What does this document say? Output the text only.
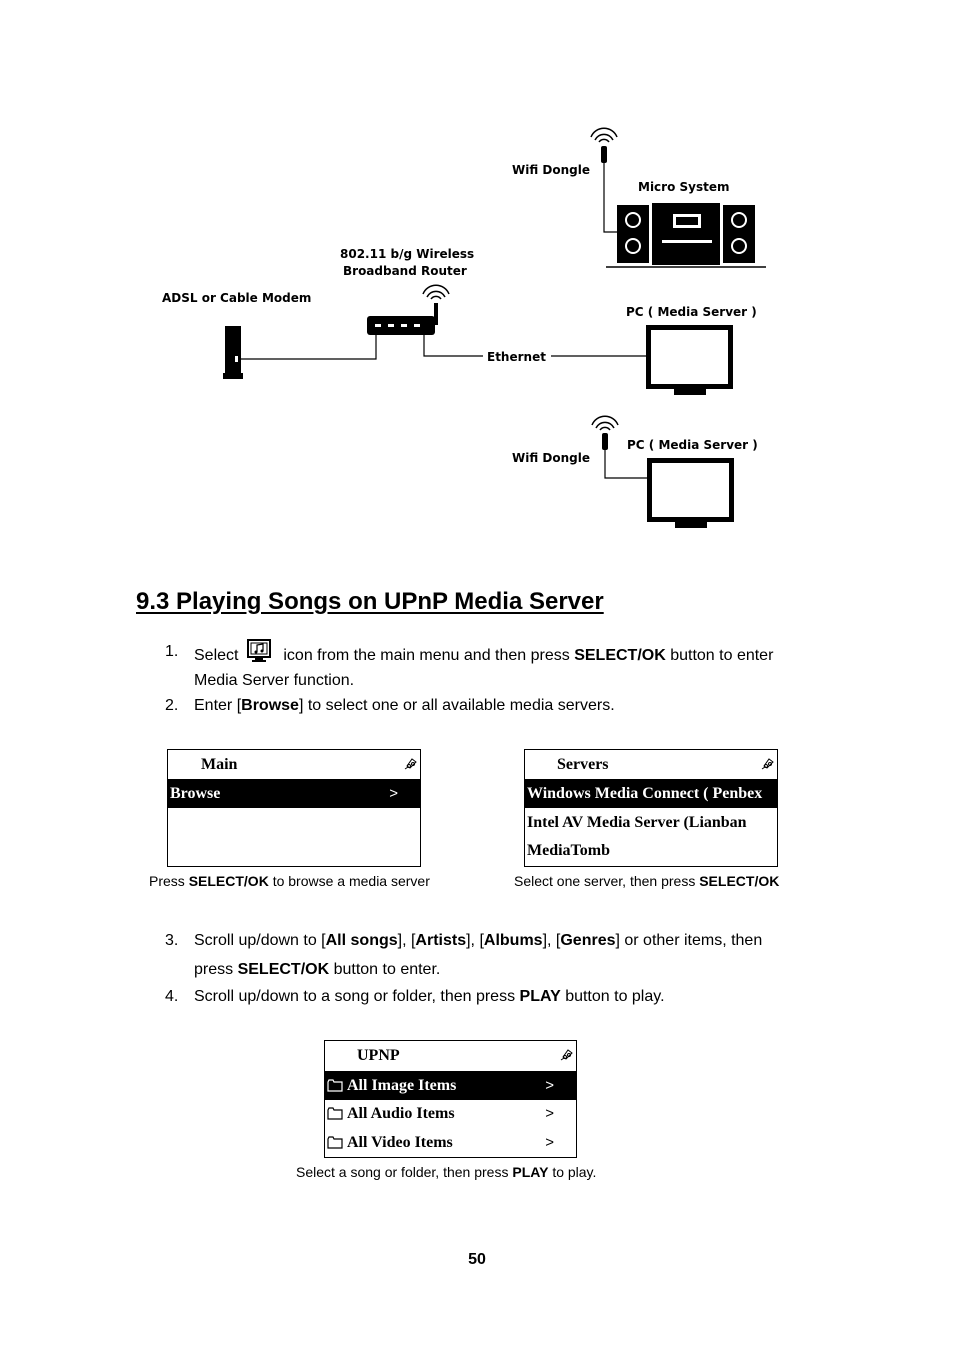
Wifi Dongle
Micro System
802.11 b/g Wireless
Broadband Router
ADSL or Cable Modem
PC ( Media Server )
Ethernet
Wifi Dongle
PC ( Media Server )
9.3 Playing Songs on UPnP Media Server
1. Select	icon from the main menu and then press SELECT/OK button to enter
Media Server function.
2. Enter [Browse] to select one or all available media servers.
Main
Browse	>
Press SELECT/OK to browse a media server
Servers
Windows Media Connect ( Penbex
Intel AV Media Server (Lianban
MediaTomb
Select one server, then press SELECT/OK
3. Scroll up/down to [All songs], [Artists], [Albums], [Genres] or other items, then
press SELECT/OK button to enter.
4. Scroll up/down to a song or folder, then press PLAY button to play.
UPNP
All Image Items	>
All Audio Items	>
All Video Items	>
Select a song or folder, then press PLAY to play.
50
